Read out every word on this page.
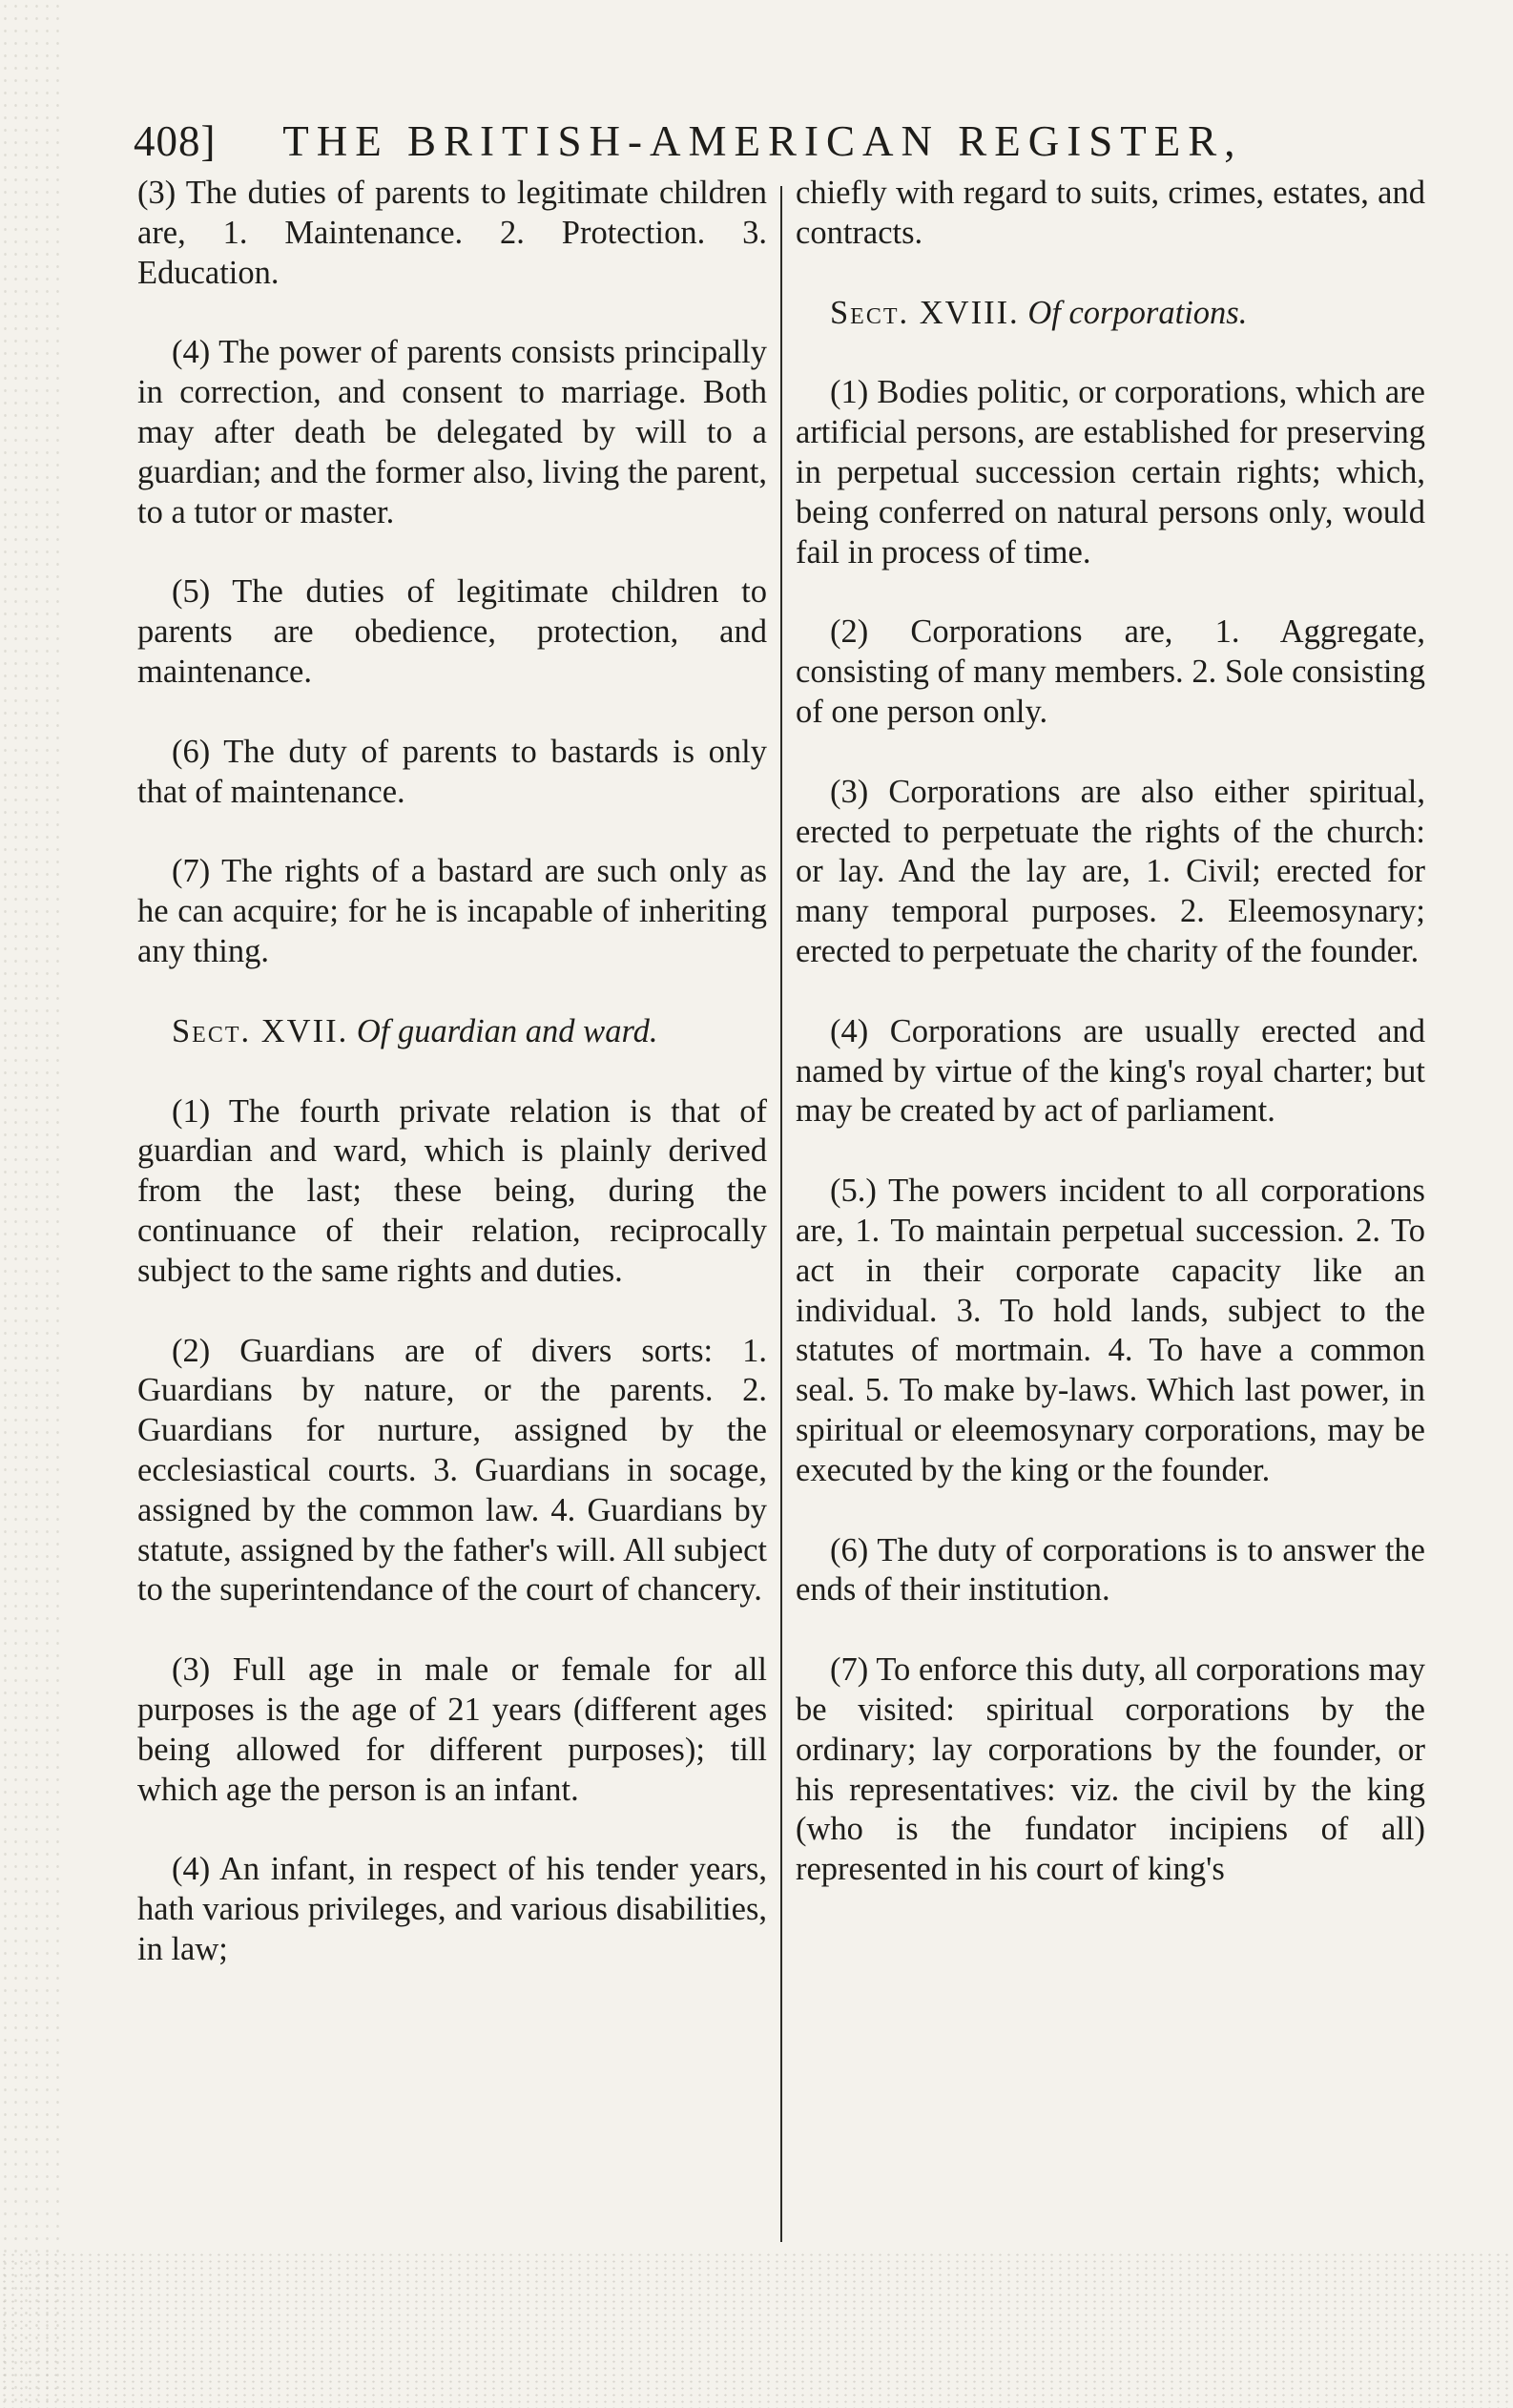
408] THE BRITISH-AMERICAN REGISTER,

(3) The duties of parents to legitimate children are, 1. Maintenance. 2. Protection. 3. Education.

(4) The power of parents consists principally in correction, and consent to marriage. Both may after death be delegated by will to a guardian; and the former also, living the parent, to a tutor or master.

(5) The duties of legitimate children to parents are obedience, protection, and maintenance.

(6) The duty of parents to bastards is only that of maintenance.

(7) The rights of a bastard are such only as he can acquire; for he is incapable of inheriting any thing.

Sect. XVII. Of guardian and ward.

(1) The fourth private relation is that of guardian and ward, which is plainly derived from the last; these being, during the continuance of their relation, reciprocally subject to the same rights and duties.

(2) Guardians are of divers sorts: 1. Guardians by nature, or the parents. 2. Guardians for nurture, assigned by the ecclesiastical courts. 3. Guardians in socage, assigned by the common law. 4. Guardians by statute, assigned by the father's will. All subject to the superintendance of the court of chancery.

(3) Full age in male or female for all purposes is the age of 21 years (different ages being allowed for different purposes); till which age the person is an infant.

(4) An infant, in respect of his tender years, hath various privileges, and various disabilities, in law;

chiefly with regard to suits, crimes, estates, and contracts.

Sect. XVIII. Of corporations.

(1) Bodies politic, or corporations, which are artificial persons, are established for preserving in perpetual succession certain rights; which, being conferred on natural persons only, would fail in process of time.

(2) Corporations are, 1. Aggregate, consisting of many members. 2. Sole consisting of one person only.

(3) Corporations are also either spiritual, erected to perpetuate the rights of the church: or lay. And the lay are, 1. Civil; erected for many temporal purposes. 2. Eleemosynary; erected to perpetuate the charity of the founder.

(4) Corporations are usually erected and named by virtue of the king's royal charter; but may be created by act of parliament.

(5.) The powers incident to all corporations are, 1. To maintain perpetual succession. 2. To act in their corporate capacity like an individual. 3. To hold lands, subject to the statutes of mortmain. 4. To have a common seal. 5. To make by-laws. Which last power, in spiritual or eleemosynary corporations, may be executed by the king or the founder.

(6) The duty of corporations is to answer the ends of their institution.

(7) To enforce this duty, all corporations may be visited: spiritual corporations by the ordinary; lay corporations by the founder, or his representatives: viz. the civil by the king (who is the fundator incipiens of all) represented in his court of king's
